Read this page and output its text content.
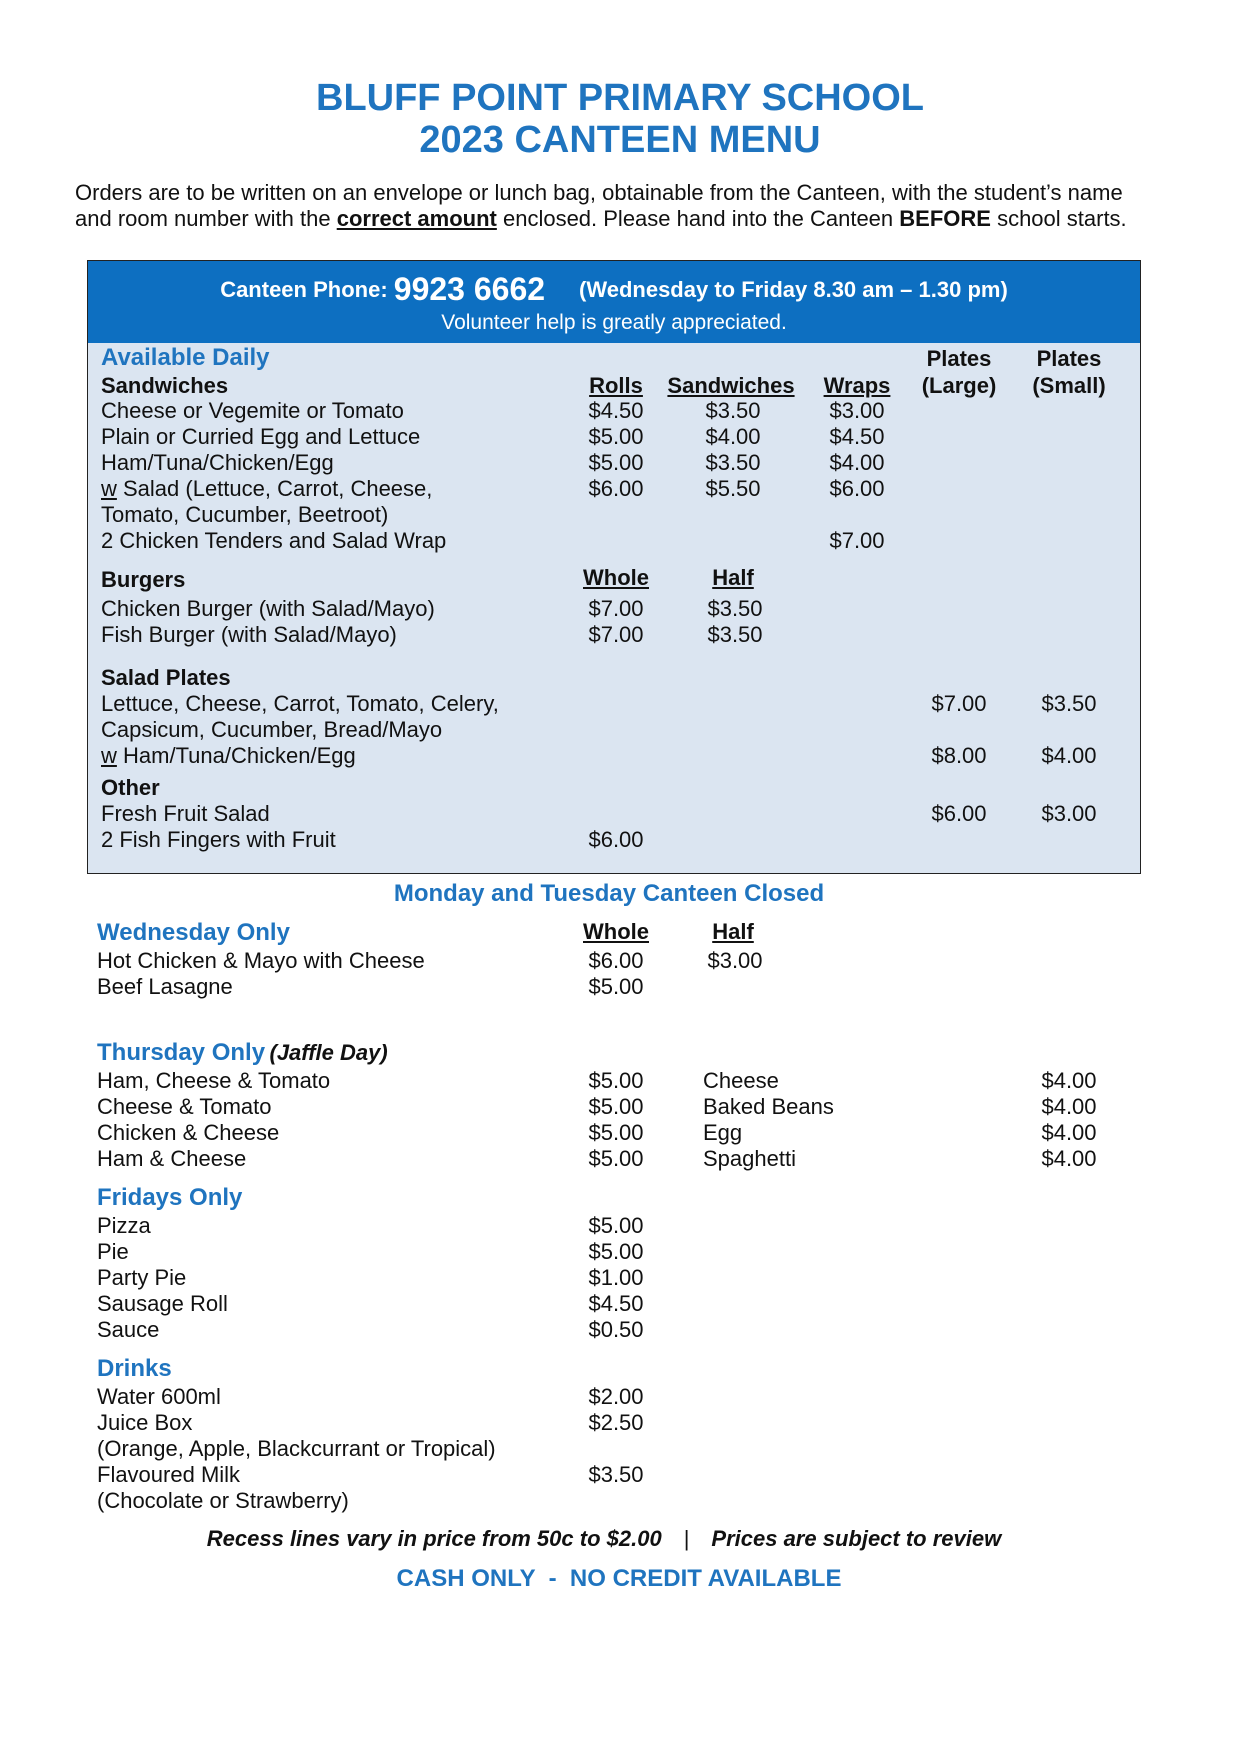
BLUFF POINT PRIMARY SCHOOL
2023 CANTEEN MENU
Orders are to be written on an envelope or lunch bag, obtainable from the Canteen, with the student’s name
and room number with the correct amount enclosed. Please hand into the Canteen BEFORE school starts.
Canteen Phone: 9923 6662 (Wednesday to Friday 8.30 am – 1.30 pm)
Volunteer help is greatly appreciated.
Available Daily	Plates Plates
(Large) (Small)
Sandwiches	Rolls Sandwiches Wraps
Cheese or Vegemite or Tomato	$4.50	$3.50	$3.00
Plain or Curried Egg and Lettuce	$5.00	$4.00	$4.50
Ham/Tuna/Chicken/Egg	$5.00	$3.50	$4.00
w Salad (Lettuce, Carrot, Cheese,	$6.00	$5.50	$6.00
Tomato, Cucumber, Beetroot)
2 Chicken Tenders and Salad Wrap	$7.00
Burgers	Whole	Half
Chicken Burger (with Salad/Mayo)	$7.00	$3.50
Fish Burger (with Salad/Mayo)	$7.00	$3.50
Salad Plates
Lettuce, Cheese, Carrot, Tomato, Celery,	$7.00 $3.50
Capsicum, Cucumber, Bread/Mayo
w Ham/Tuna/Chicken/Egg	$8.00 $4.00
Other
Fresh Fruit Salad	$6.00 $3.00
2 Fish Fingers with Fruit	$6.00
Monday and Tuesday Canteen Closed
Wednesday Only	Whole	Half
Hot Chicken & Mayo with Cheese	$6.00	$3.00
Beef Lasagne	$5.00
Thursday Only (Jaffle Day)
Ham, Cheese & Tomato	$5.00	Cheese	$4.00
Cheese & Tomato	$5.00	Baked Beans	$4.00
Chicken & Cheese	$5.00	Egg	$4.00
Ham & Cheese	$5.00	Spaghetti	$4.00
Fridays Only
Pizza	$5.00
Pie	$5.00
Party Pie	$1.00
Sausage Roll	$4.50
Sauce	$0.50
Drinks
Water 600ml	$2.00
Juice Box	$2.50
(Orange, Apple, Blackcurrant or Tropical)
Flavoured Milk	$3.50
(Chocolate or Strawberry)
Recess lines vary in price from 50c to $2.00 | Prices are subject to review
CASH ONLY  -  NO CREDIT AVAILABLE
